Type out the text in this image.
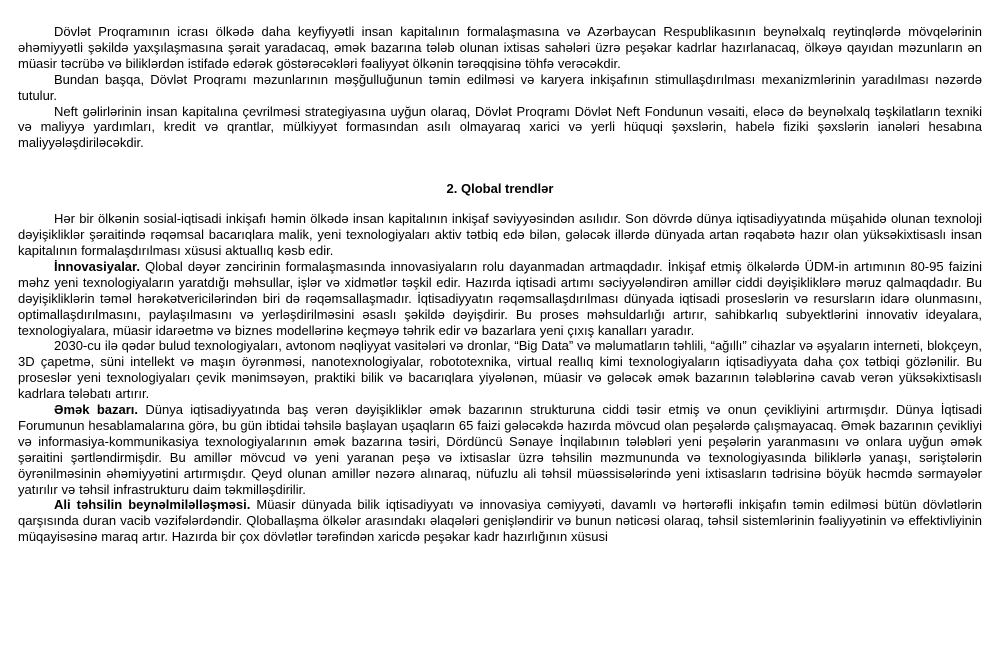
Dövlət Proqramının icrası ölkədə daha keyfiyyətli insan kapitalının formalaşmasına və Azərbaycan Respublikasının beynəlxalq reytinqlərdə mövqelərinin əhəmiyyətli şəkildə yaxşılaşmasına şərait yaradacaq, əmək bazarına tələb olunan ixtisas sahələri üzrə peşəkar kadrlar hazırlanacaq, ölkəyə qayıdan məzunların ən müasir təcrübə və biliklərdən istifadə edərək göstərəcəkləri fəaliyyət ölkənin tərəqqisinə töhfə verəcəkdir.

Bundan başqa, Dövlət Proqramı məzunlarının məşğulluğunun təmin edilməsi və karyera inkişafının stimullaşdırılması mexanizmlərinin yaradılması nəzərdə tutulur.

Neft gəlirlərinin insan kapitalına çevrilməsi strategiyasına uyğun olaraq, Dövlət Proqramı Dövlət Neft Fondunun vəsaiti, eləcə də beynəlxalq təşkilatların texniki və maliyyə yardımları, kredit və qrantlar, mülkiyyət formasından asılı olmayaraq xarici və yerli hüquqi şəxslərin, habelə fiziki şəxslərin ianələri hesabına maliyyələşdiriləcəkdir.

2. Qlobal trendlər

Hər bir ölkənin sosial-iqtisadi inkişafı həmin ölkədə insan kapitalının inkişaf səviyyəsindən asılıdır. Son dövrdə dünya iqtisadiyyatında müşahidə olunan texnoloji dəyişikliklər şəraitində rəqəmsal bacarıqlara malik, yeni texnologiyaları aktiv tətbiq edə bilən, gələcək illərdə dünyada artan rəqabətə hazır olan yüksəkixtisaslı insan kapitalının formalaşdırılması xüsusi aktuallıq kəsb edir.

İnnovasiyalar. Qlobal dəyər zəncirinin formalaşmasında innovasiyaların rolu dayanmadan artmaqdadır. İnkişaf etmiş ölkələrdə ÜDM-in artımının 80-95 faizini məhz yeni texnologiyaların yaratdığı məhsullar, işlər və xidmətlər təşkil edir. Hazırda iqtisadi artımı səciyyələndirən amillər ciddi dəyişikliklərə məruz qalmaqdadır. Bu dəyişikliklərin təməl hərəkətvericilərindən biri də rəqəmsallaşmadır. İqtisadiyyatın rəqəmsallaşdırılması dünyada iqtisadi proseslərin və resursların idarə olunmasını, optimallaşdırılmasını, paylaşılmasını və yerləşdirilməsini əsaslı şəkildə dəyişdirir. Bu proses məhsuldarlığı artırır, sahibkarlıq subyektlərini innovativ ideyalara, texnologiyalara, müasir idarəetmə və biznes modellərinə keçməyə təhrik edir və bazarlara yeni çıxış kanalları yaradır.

2030-cu ilə qədər bulud texnologiyaları, avtonom nəqliyyat vasitələri və dronlar, “Big Data” və məlumatların təhlili, “ağıllı” cihazlar və əşyaların interneti, blokçeyn, 3D çapetmə, süni intellekt və maşın öyrənməsi, nanotexnologiyalar, robototexnika, virtual reallıq kimi texnologiyaların iqtisadiyyata daha çox tətbiqi gözlənilir. Bu proseslər yeni texnologiyaları çevik mənimsəyən, praktiki bilik və bacarıqlara yiyələnən, müasir və gələcək əmək bazarının tələblərinə cavab verən yüksəkixtisaslı kadrlara tələbatı artırır.

Əmək bazarı. Dünya iqtisadiyyatında baş verən dəyişikliklər əmək bazarının strukturuna ciddi təsir etmiş və onun çevikliyini artırmışdır. Dünya İqtisadi Forumunun hesablamalarına görə, bu gün ibtidai təhsilə başlayan uşaqların 65 faizi gələcəkdə hazırda mövcud olan peşələrdə çalışmayacaq. Əmək bazarının çevikliyi və informasiya-kommunikasiya texnologiyalarının əmək bazarına təsiri, Dördüncü Sənaye İnqilabının tələbləri yeni peşələrin yaranmasını və onlara uyğun əmək şəraitini şərtləndirmişdir. Bu amillər mövcud və yeni yaranan peşə və ixtisaslar üzrə təhsilin məzmununda və texnologiyasında biliklərlə yanaşı, səriştələrin öyrənilməsinin əhəmiyyətini artırmışdır. Qeyd olunan amillər nəzərə alınaraq, nüfuzlu ali təhsil müəssisələrində yeni ixtisasların tədrisinə böyük həcmdə sərmayələr yatırılır və təhsil infrastrukturu daim təkmilləşdirilir.

Ali təhsilin beynəlmiləlləşməsi. Müasir dünyada bilik iqtisadiyyatı və innovasiya cəmiyyəti, davamlı və hərtərəfli inkişafın təmin edilməsi bütün dövlətlərin qarşısında duran vacib vəzifələrdəndir. Qloballaşma ölkələr arasındakı əlaqələri genişləndirir və bunun nəticəsi olaraq, təhsil sistemlərinin fəaliyyətinin və effektivliyinin müqayisəsinə maraq artır. Hazırda bir çox dövlətlər tərəfindən xaricdə peşəkar kadr hazırlığının xüsusi
